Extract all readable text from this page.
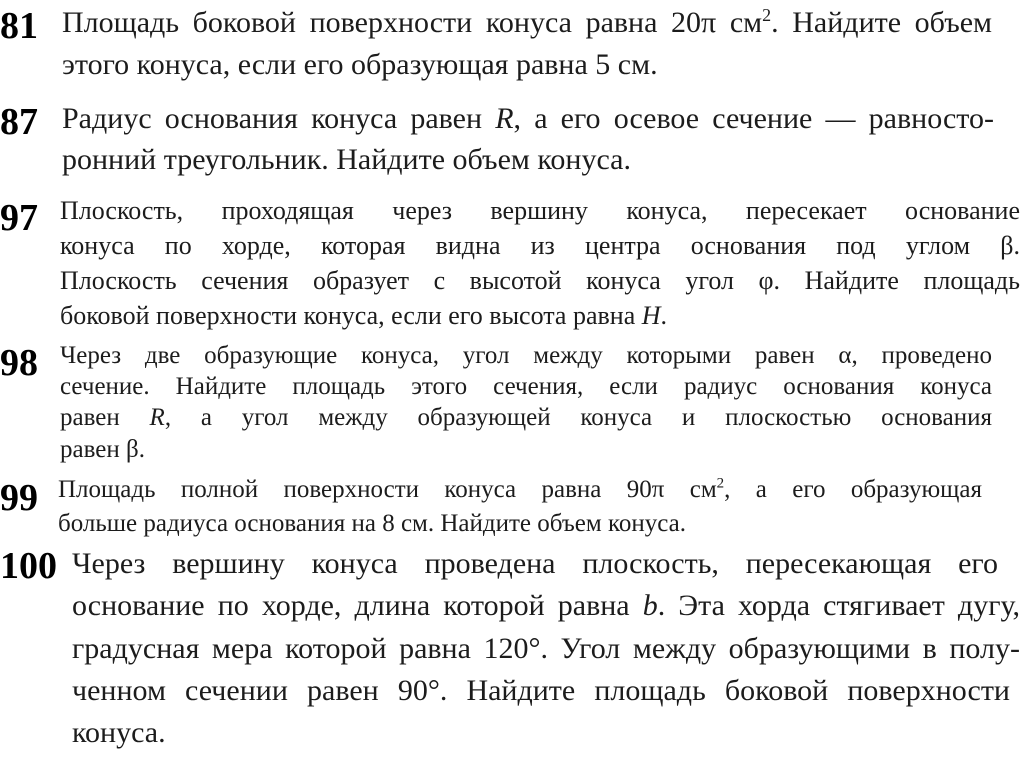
81 Площадь боковой поверхности конуса равна 20π $см^2$. Найдите объем
этого конуса, если его образующая равна 5 см.
87 Радиус основания конуса равен R, а его осевое сечение — равносто-
ронний треугольник. Найдите объем конуса.
97 Плоскость, проходящая через вершину конуса, пересекает основание
конуса по хорде, которая видна из центра основания под углом β.
Плоскость сечения образует с высотой конуса угол φ. Найдите площадь
боковой поверхности конуса, если его высота равна H.
98 Через две образующие конуса, угол между которыми равен α, проведено
сечение. Найдите площадь этого сечения, если радиус основания конуса
равен R, а угол между образующей конуса и плоскостью основания
равен β.
99 Площадь полной поверхности конуса равна 90π $см^2$, а его образующая
больше радиуса основания на 8 см. Найдите объем конуса.
100 Через вершину конуса проведена плоскость, пересекающая его
основание по хорде, длина которой равна b. Эта хорда стягивает дугу,
градусная мера которой равна 120°. Угол между образующими в полу-
ченном сечении равен 90°. Найдите площадь боковой поверхности
конуса.
